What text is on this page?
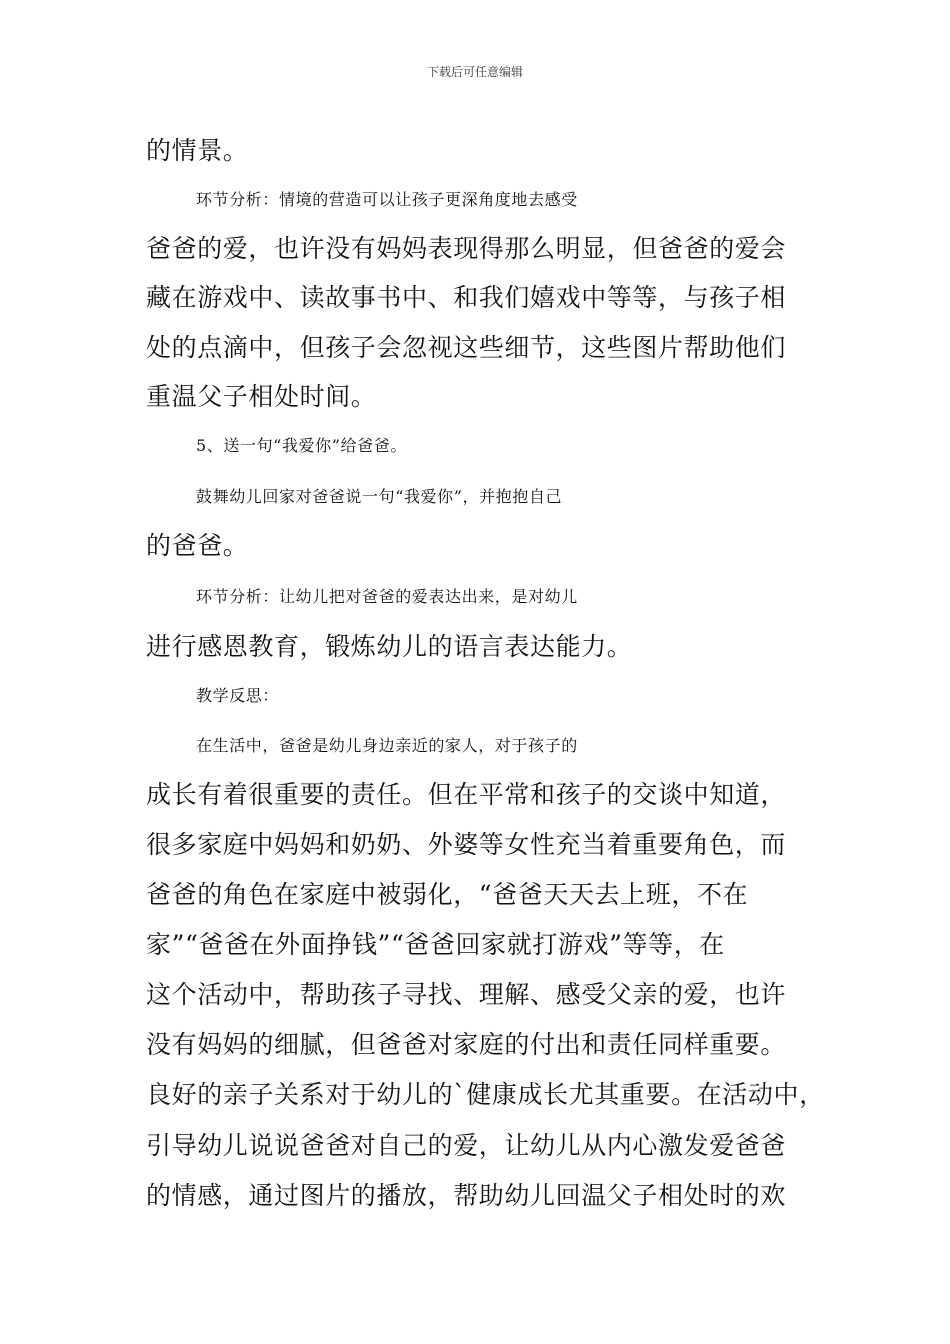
下载后可任意编辑
的情景。
环节分析：情境的营造可以让孩子更深角度地去感受
爸爸的爱，也许没有妈妈表现得那么明显，但爸爸的爱会
藏在游戏中、读故事书中、和我们嬉戏中等等，与孩子相
处的点滴中，但孩子会忽视这些细节，这些图片帮助他们
重温父子相处时间。
5、送一句“我爱你”给爸爸。
鼓舞幼儿回家对爸爸说一句“我爱你”，并抱抱自己
的爸爸。
环节分析：让幼儿把对爸爸的爱表达出来，是对幼儿
进行感恩教育，锻炼幼儿的语言表达能力。
教学反思：
在生活中，爸爸是幼儿身边亲近的家人，对于孩子的
成长有着很重要的责任。但在平常和孩子的交谈中知道，
很多家庭中妈妈和奶奶、外婆等女性充当着重要角色，而
爸爸的角色在家庭中被弱化，“爸爸天天去上班，不在
家”“爸爸在外面挣钱”“爸爸回家就打游戏”等等，在
这个活动中，帮助孩子寻找、理解、感受父亲的爱，也许
没有妈妈的细腻，但爸爸对家庭的付出和责任同样重要。
良好的亲子关系对于幼儿的`健康成长尤其重要。在活动中，
引导幼儿说说爸爸对自己的爱，让幼儿从内心激发爱爸爸
的情感，通过图片的播放，帮助幼儿回温父子相处时的欢
